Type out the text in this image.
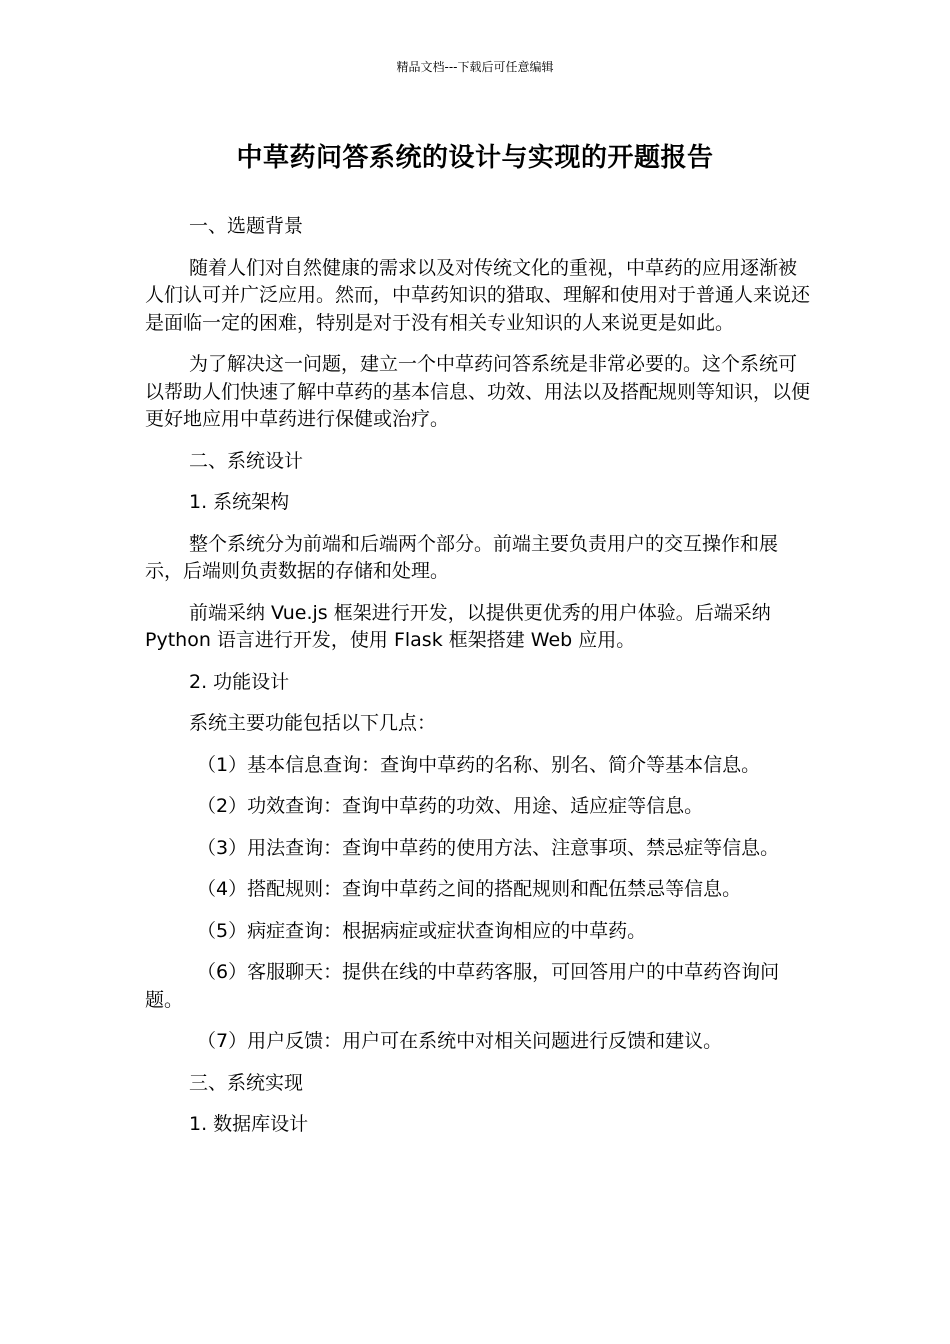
精品文档---下载后可任意编辑
中草药问答系统的设计与实现的开题报告

一、选题背景

随着人们对自然健康的需求以及对传统文化的重视，中草药的应用逐渐被人们认可并广泛应用。然而，中草药知识的猎取、理解和使用对于普通人来说还是面临一定的困难，特别是对于没有相关专业知识的人来说更是如此。

为了解决这一问题，建立一个中草药问答系统是非常必要的。这个系统可以帮助人们快速了解中草药的基本信息、功效、用法以及搭配规则等知识，以便更好地应用中草药进行保健或治疗。

二、系统设计

1. 系统架构

整个系统分为前端和后端两个部分。前端主要负责用户的交互操作和展示，后端则负责数据的存储和处理。

前端采纳 Vue.js 框架进行开发，以提供更优秀的用户体验。后端采纳 Python 语言进行开发，使用 Flask 框架搭建 Web 应用。

2. 功能设计

系统主要功能包括以下几点：

（1）基本信息查询：查询中草药的名称、别名、简介等基本信息。

（2）功效查询：查询中草药的功效、用途、适应症等信息。

（3）用法查询：查询中草药的使用方法、注意事项、禁忌症等信息。

（4）搭配规则：查询中草药之间的搭配规则和配伍禁忌等信息。

（5）病症查询：根据病症或症状查询相应的中草药。

（6）客服聊天：提供在线的中草药客服，可回答用户的中草药咨询问题。

（7）用户反馈：用户可在系统中对相关问题进行反馈和建议。

三、系统实现

1. 数据库设计
